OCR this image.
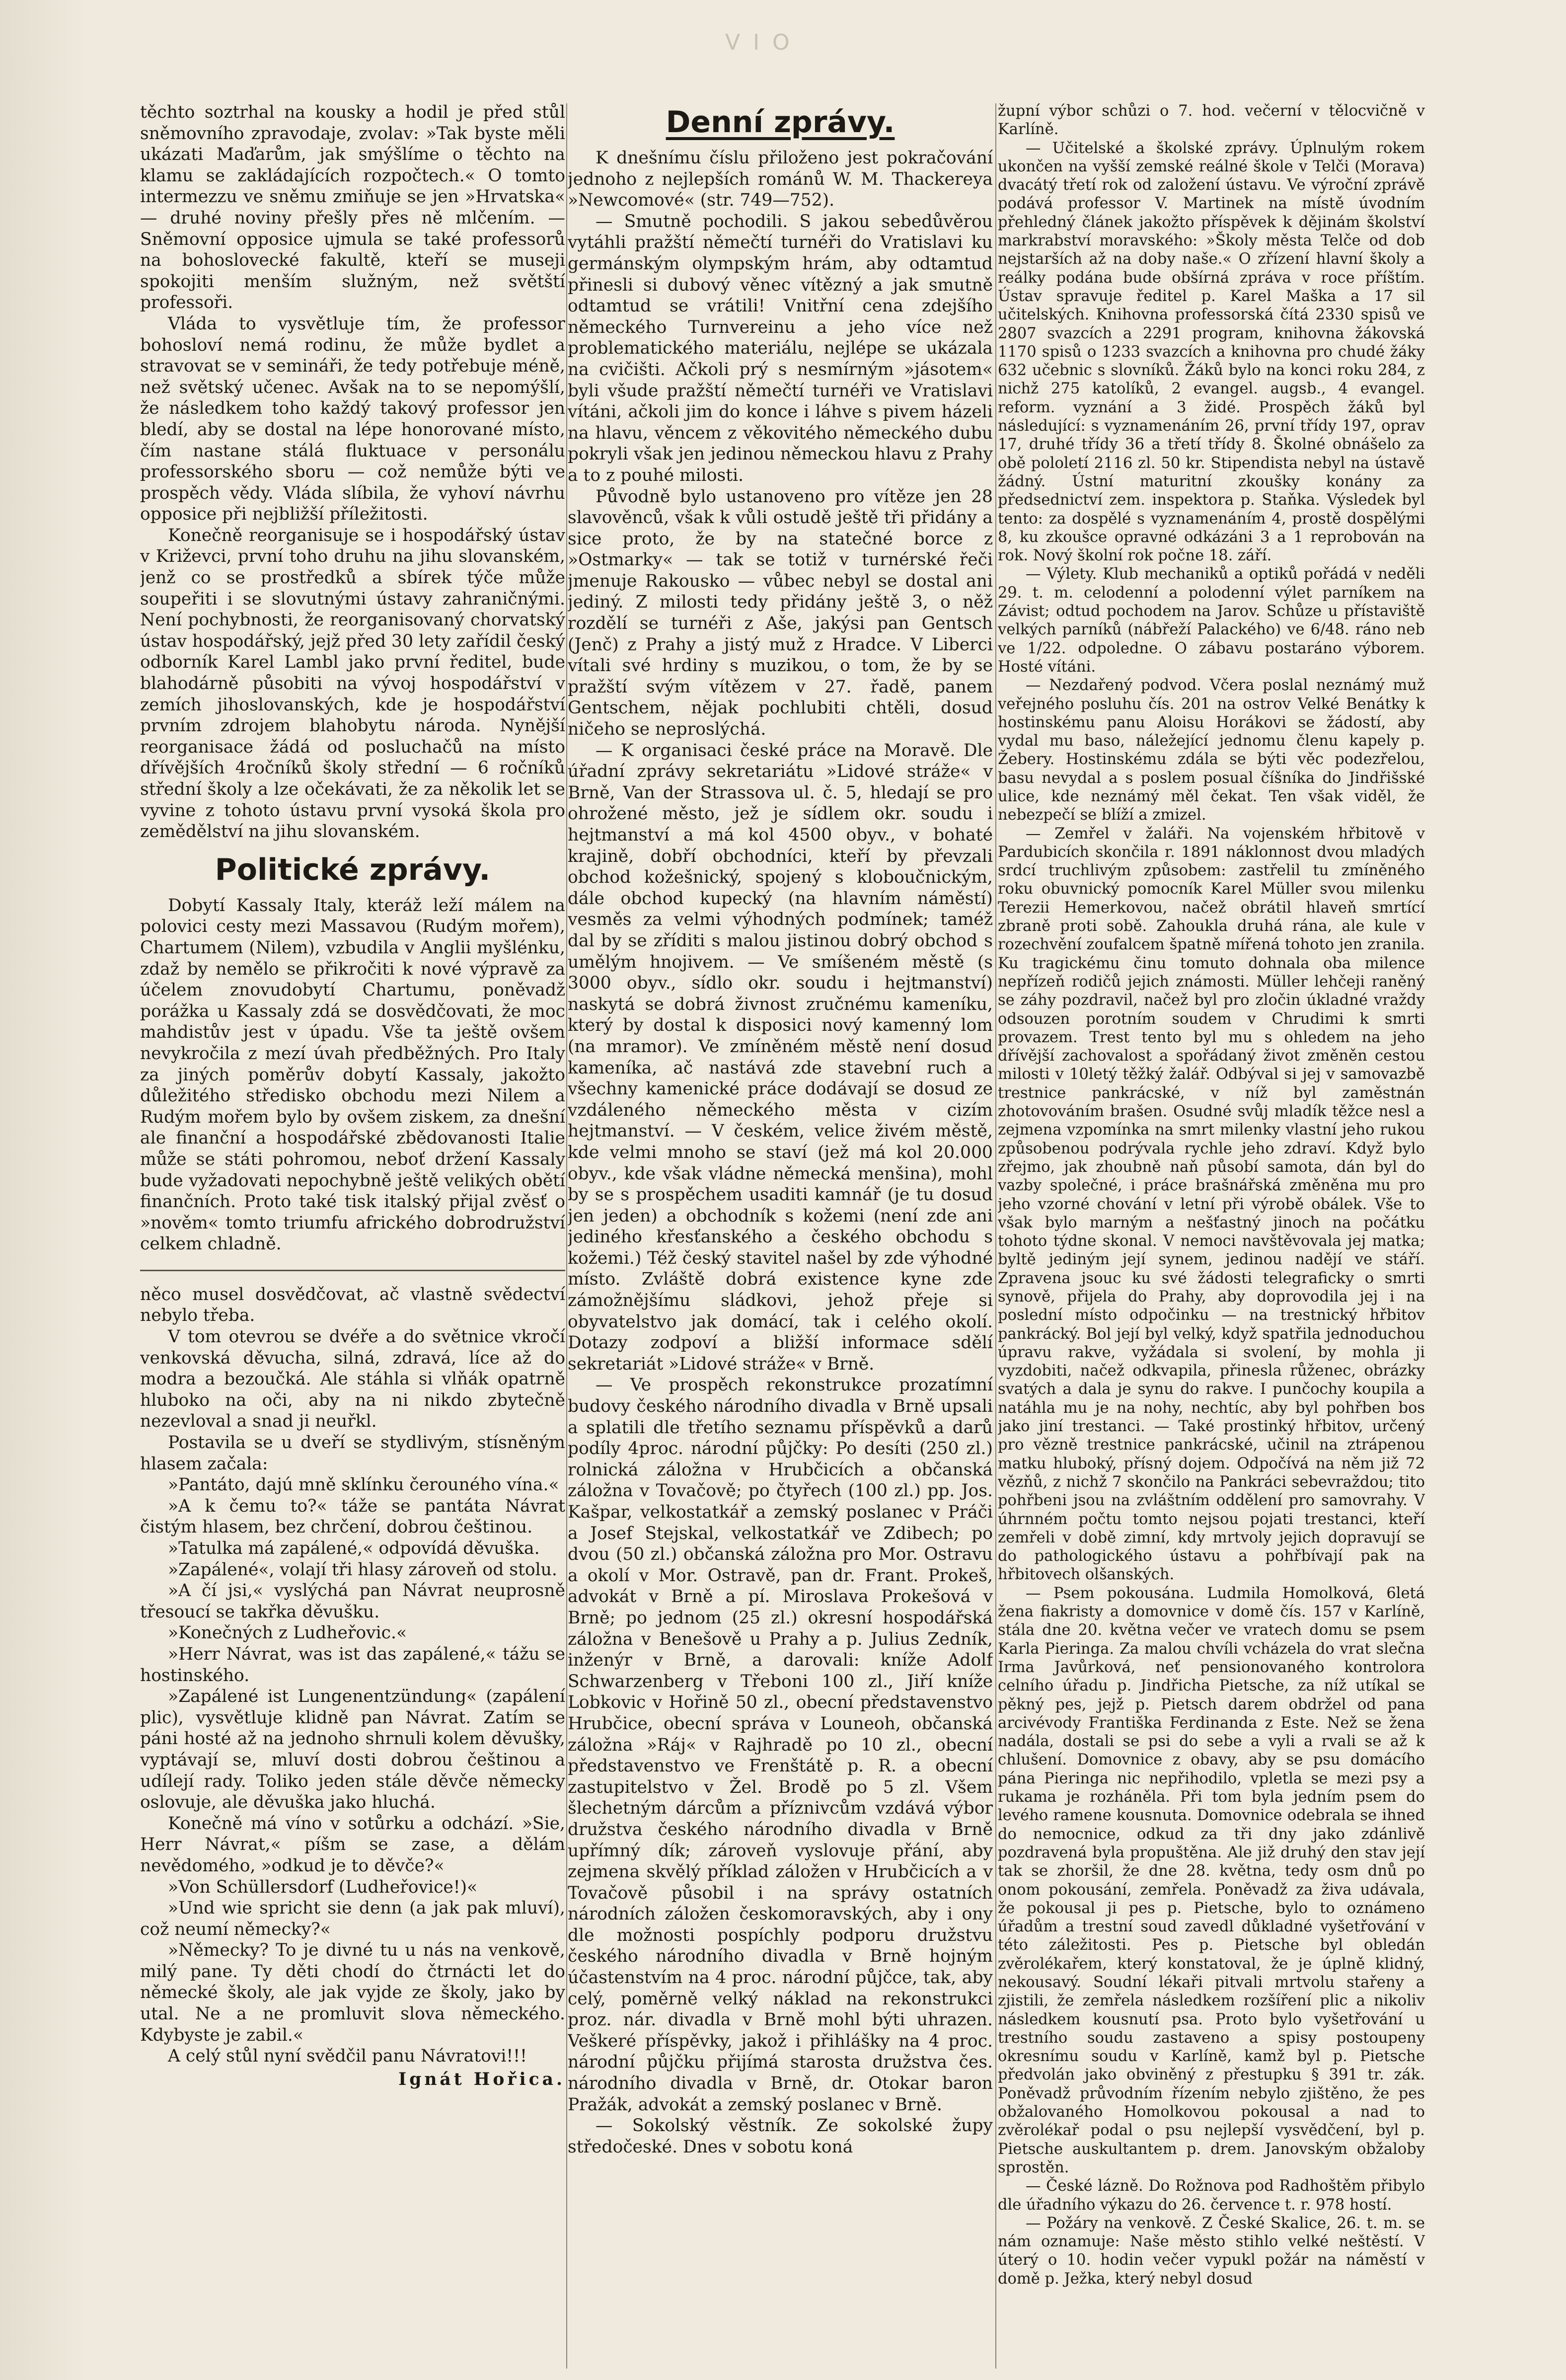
V I O

těchto soztrhal na kousky a hodil je před stůl sněmovního zpravodaje, zvolav: »Tak byste měli ukázati Maďarům, jak smýšlíme o těchto na klamu se zakládajících rozpočtech.« O tomto intermezzu ve sněmu zmiňuje se jen »Hrvatska« — druhé noviny přešly přes ně mlčením. — Sněmovní opposice ujmula se také professorů na bohoslovecké fakultě, kteří se museji spokojiti menším služným, než světští professoři.

Vláda to vysvětluje tím, že professor bohosloví nemá rodinu, že může bydlet a stravovat se v semináři, že tedy potřebuje méně, než světský učenec. Avšak na to se nepomýšlí, že následkem toho každý takový professor jen bledí, aby se dostal na lépe honorované místo, čím nastane stálá fluktuace v personálu professorského sboru — což nemůže býti ve prospěch vědy. Vláda slíbila, že vyhoví návrhu opposice při nejbližší příležitosti.

Konečně reorganisuje se i hospodářský ústav v Križevci, první toho druhu na jihu slovanském, jenž co se prostředků a sbírek týče může soupeřiti i se slovutnými ústavy zahraničnými. Není pochybnosti, že reorganisovaný chorvatský ústav hospodářský, jejž před 30 lety zařídil český odborník Karel Lambl jako první ředitel, bude blahodárně působiti na vývoj hospodářství v zemích jihoslovanských, kde je hospodářství prvním zdrojem blahobytu národa. Nynější reorganisace žádá od posluchačů na místo dřívějších 4ročníků školy střední — 6 ročníků střední školy a lze očekávati, že za několik let se vyvine z tohoto ústavu první vysoká škola pro zemědělství na jihu slovanském.

Politické zprávy.

Dobytí Kassaly Italy, kteráž leží málem na polovici cesty mezi Massavou (Rudým mořem), Chartumem (Nilem), vzbudila v Anglii myšlénku, zdaž by nemělo se přikročiti k nové výpravě za účelem znovudobytí Chartumu, poněvadž porážka u Kassaly zdá se dosvědčovati, že moc mahdistův jest v úpadu. Vše ta ještě ovšem nevykročila z mezí úvah předběžných. Pro Italy za jiných poměrův dobytí Kassaly, jakožto důležitého středisko obchodu mezi Nilem a Rudým mořem bylo by ovšem ziskem, za dnešní ale finanční a hospodářské zbědovanosti Italie může se státi pohromou, neboť držení Kassaly bude vyžadovati nepochybně ještě velikých obětí finančních. Proto také tisk italský přijal zvěsť o »nověm« tomto triumfu afrického dobrodružství celkem chladně.

něco musel dosvědčovat, ač vlastně svědectví nebylo třeba.

V tom otevrou se dvéře a do světnice vkročí venkovská děvucha, silná, zdravá, líce až do modra a bezoučká. Ale stáhla si vlňák opatrně hluboko na oči, aby na ni nikdo zbytečně nezevloval a snad ji neuřkl.

Postavila se u dveří se stydlivým, stísněným hlasem začala:

»Pantáto, dajú mně sklínku čerouného vína.«

»A k čemu to?« táže se pantáta Návrat čistým hlasem, bez chrčení, dobrou češtinou.

»Tatulka má zapálené,« odpovídá děvuška.

»Zapálené«, volají tři hlasy zároveň od stolu.

»A čí jsi,« vyslýchá pan Návrat neuprosně třesoucí se takřka děvušku.

»Konečných z Ludheřovic.«

»Herr Návrat, was ist das zapálené,« tážu se hostinského.

»Zapálené ist Lungenentzündung« (zapálení plic), vysvětluje klidně pan Návrat. Zatím se páni hosté až na jednoho shrnuli kolem děvušky, vyptávají se, mluví dosti dobrou češtinou a udílejí rady. Toliko jeden stále děvče německy oslovuje, ale děvuška jako hluchá.

Konečně má víno v sotůrku a odchází. »Sie, Herr Návrat,« píšm se zase, a dělám nevědomého, »odkud je to děvče?«

»Von Schüllersdorf (Ludheřovice!)«

»Und wie spricht sie denn (a jak pak mluví), což neumí německy?«

»Německy? To je divné tu u nás na venkově, milý pane. Ty děti chodí do čtrnácti let do německé školy, ale jak vyjde ze školy, jako by utal. Ne a ne promluvit slova německého. Kdybyste je zabil.«

A celý stůl nyní svědčil panu Návratovi!!!

Ignát Hořica.
Denní zprávy.

K dnešnímu číslu přiloženo jest pokračování jednoho z nejlepších románů W. M. Thackereya »Newcomové« (str. 749—752).

— Smutně pochodili. S jakou sebedůvěrou vytáhli pražští němečtí turnéři do Vratislavi ku germánským olympským hrám, aby odtamtud přinesli si dubový věnec vítězný a jak smutně odtamtud se vrátili! Vnitřní cena zdejšího německého Turnvereinu a jeho více než problematického materiálu, nejlépe se ukázala na cvičišti. Ačkoli prý s nesmírným »jásotem« byli všude pražští němečtí turnéři ve Vratislavi vítáni, ačkoli jim do konce i láhve s pivem házeli na hlavu, věncem z věkovitého německého dubu pokryli však jen jedinou německou hlavu z Prahy a to z pouhé milosti.

Původně bylo ustanoveno pro vítěze jen 28 slavověnců, však k vůli ostudě ještě tři přidány a sice proto, že by na statečné borce z »Ostmarky« — tak se totiž v turnérské řeči jmenuje Rakousko — vůbec nebyl se dostal ani jediný. Z milosti tedy přidány ještě 3, o něž rozdělí se turnéři z Aše, jakýsi pan Gentsch (Jenč) z Prahy a jistý muž z Hradce. V Liberci vítali své hrdiny s muzikou, o tom, že by se pražští svým vítězem v 27. řadě, panem Gentschem, nějak pochlubiti chtěli, dosud ničeho se neproslýchá.

— K organisaci české práce na Moravě. Dle úřadní zprávy sekretariátu »Lidové stráže« v Brně, Van der Strassova ul. č. 5, hledají se pro ohrožené město, jež je sídlem okr. soudu i hejtmanství a má kol 4500 obyv., v bohaté krajině, dobří obchodníci, kteří by převzali obchod kožešnický, spojený s kloboučnickým, dále obchod kupecký (na hlavním náměstí) vesměs za velmi výhodných podmínek; taméž dal by se zříditi s malou jistinou dobrý obchod s umělým hnojivem. — Ve smíšeném městě (s 3000 obyv., sídlo okr. soudu i hejtmanství) naskytá se dobrá živnost zručnému kameníku, který by dostal k disposici nový kamenný lom (na mramor). Ve zmíněném městě není dosud kameníka, ač nastává zde stavební ruch a všechny kamenické práce dodávají se dosud ze vzdáleného německého města v cizím hejtmanství. — V českém, velice živém městě, kde velmi mnoho se staví (jež má kol 20.000 obyv., kde však vládne německá menšina), mohl by se s prospěchem usaditi kamnář (je tu dosud jen jeden) a obchodník s kožemi (není zde ani jediného křesťanského a českého obchodu s kožemi.) Též český stavitel našel by zde výhodné místo. Zvláště dobrá existence kyne zde zámožnějšímu sládkovi, jehož přeje si obyvatelstvo jak domácí, tak i celého okolí. Dotazy zodpoví a bližší informace sdělí sekretariát »Lidové stráže« v Brně.

— Ve prospěch rekonstrukce prozatímní budovy českého národního divadla v Brně upsali a splatili dle třetího seznamu příspěvků a darů podíly 4proc. národní půjčky: Po desíti (250 zl.) rolnická záložna v Hrubčicích a občanská záložna v Tovačově; po čtyřech (100 zl.) pp. Jos. Kašpar, velkostatkář a zemský poslanec v Práči a Josef Stejskal, velkostatkář ve Zdibech; po dvou (50 zl.) občanská záložna pro Mor. Ostravu a okolí v Mor. Ostravě, pan dr. Frant. Prokeš, advokát v Brně a pí. Miroslava Prokešová v Brně; po jednom (25 zl.) okresní hospodářská záložna v Benešově u Prahy a p. Julius Zedník, inženýr v Brně, a darovali: kníže Adolf Schwarzenberg v Třeboni 100 zl., Jiří kníže Lobkovic v Hořině 50 zl., obecní představenstvo Hrubčice, obecní správa v Louneoh, občanská záložna »Ráj« v Rajhradě po 10 zl., obecní představenstvo ve Frenštátě p. R. a obecní zastupitelstvo v Žel. Brodě po 5 zl. Všem šlechetným dárcům a příznivcům vzdává výbor družstva českého národního divadla v Brně upřímný dík; zároveň vyslovuje přání, aby zejmena skvělý příklad záložen v Hrubčicích a v Tovačově působil i na správy ostatních národních záložen českomoravských, aby i ony dle možnosti pospíchly podporu družstvu českého národního divadla v Brně hojným účastenstvím na 4 proc. národní půjčce, tak, aby celý, poměrně velký náklad na rekonstrukci proz. nár. divadla v Brně mohl býti uhrazen. Veškeré příspěvky, jakož i přihlášky na 4 proc. národní půjčku přijímá starosta družstva čes. národního divadla v Brně, dr. Otokar baron Pražák, advokát a zemský poslanec v Brně.

— Sokolský věstník. Ze sokolské župy středočeské. Dnes v sobotu koná

župní výbor schůzi o 7. hod. večerní v tělocvičně v Karlíně.

— Učitelské a školské zprávy. Úplnulým rokem ukončen na vyšší zemské reálné škole v Telči (Morava) dvacátý třetí rok od založení ústavu. Ve výroční zprávě podává professor V. Martinek na místě úvodním přehledný článek jakožto příspěvek k dějinám školství markrabství moravského: »Školy města Telče od dob nejstarších až na doby naše.« O zřízení hlavní školy a reálky podána bude obšírná zpráva v roce příštím. Ústav spravuje ředitel p. Karel Maška a 17 sil učitelských. Knihovna professorská čítá 2330 spisů ve 2807 svazcích a 2291 program, knihovna žákovská 1170 spisů o 1233 svazcích a knihovna pro chudé žáky 632 učebnic s slovníků. Žáků bylo na konci roku 284, z nichž 275 katolíků, 2 evangel. augsb., 4 evangel. reform. vyznání a 3 židé. Prospěch žáků byl následující: s vyznamenáním 26, první třídy 197, oprav 17, druhé třídy 36 a třetí třídy 8. Školné obnášelo za obě pololetí 2116 zl. 50 kr. Stipendista nebyl na ústavě žádný. Ústní maturitní zkoušky konány za předsednictví zem. inspektora p. Staňka. Výsledek byl tento: za dospělé s vyznamenáním 4, prostě dospělými 8, ku zkoušce opravné odkázáni 3 a 1 reprobován na rok. Nový školní rok počne 18. září.

— Výlety. Klub mechaniků a optiků pořádá v neděli 29. t. m. celodenní a polodenní výlet parníkem na Závist; odtud pochodem na Jarov. Schůze u přístaviště velkých parníků (nábřeží Palackého) ve 6/48. ráno neb ve 1/22. odpoledne. O zábavu postaráno výborem. Hosté vítáni.

— Nezdařený podvod. Včera poslal neznámý muž veřejného posluhu čís. 201 na ostrov Velké Benátky k hostinskému panu Aloisu Horákovi se žádostí, aby vydal mu baso, náležející jednomu členu kapely p. Žebery. Hostinskému zdála se býti věc podezřelou, basu nevydal a s poslem posual číšníka do Jindřišské ulice, kde neznámý měl čekat. Ten však viděl, že nebezpečí se blíží a zmizel.

— Zemřel v žaláři. Na vojenském hřbitově v Pardubicích skončila r. 1891 náklonnost dvou mladých srdcí truchlivým způsobem: zastřelil tu zmíněného roku obuvnický pomocník Karel Müller svou milenku Terezii Hemerkovou, načež obrátil hlaveň smrtící zbraně proti sobě. Zahoukla druhá rána, ale kule v rozechvění zoufalcem špatně mířená tohoto jen zranila. Ku tragickému činu tomuto dohnala oba milence nepřízeň rodičů jejich známosti. Müller lehčeji raněný se záhy pozdravil, načež byl pro zločin úkladné vraždy odsouzen porotním soudem v Chrudimi k smrti provazem. Trest tento byl mu s ohledem na jeho dřívější zachovalost a spořádaný život změněn cestou milosti v 10letý těžký žalář. Odbýval si jej v samovazbě trestnice pankrácské, v níž byl zaměstnán zhotovováním brašen. Osudné svůj mladík těžce nesl a zejmena vzpomínka na smrt milenky vlastní jeho rukou způsobenou podrývala rychle jeho zdraví. Když bylo zřejmo, jak zhoubně naň působí samota, dán byl do vazby společné, i práce brašnářská změněna mu pro jeho vzorné chování v letní při výrobě obálek. Vše to však bylo marným a nešťastný jinoch na počátku tohoto týdne skonal. V nemoci navštěvovala jej matka; byltě jediným její synem, jedinou nadějí ve stáří. Zpravena jsouc ku své žádosti telegraficky o smrti synově, přijela do Prahy, aby doprovodila jej i na poslední místo odpočinku — na trestnický hřbitov pankrácký. Bol její byl velký, když spatřila jednoduchou úpravu rakve, vyžádala si svolení, by mohla ji vyzdobiti, načež odkvapila, přinesla růženec, obrázky svatých a dala je synu do rakve. I punčochy koupila a natáhla mu je na nohy, nechtíc, aby byl pohřben bos jako jiní trestanci. — Také prostinký hřbitov, určený pro vězně trestnice pankrácské, učinil na ztrápenou matku hluboký, přísný dojem. Odpočívá na něm již 72 vězňů, z nichž 7 skončilo na Pankráci sebevraždou; tito pohřbeni jsou na zvláštním oddělení pro samovrahy. V úhrnném počtu tomto nejsou pojati trestanci, kteří zemřeli v době zimní, kdy mrtvoly jejich dopravují se do pathologického ústavu a pohřbívají pak na hřbitovech olšanských.

— Psem pokousána. Ludmila Homolková, 6letá žena fiakristy a domovnice v domě čís. 157 v Karlíně, stála dne 20. května večer ve vratech domu se psem Karla Pieringa. Za malou chvíli vcházela do vrat slečna Irma Javůrková, neť pensionovaného kontrolora celního úřadu p. Jindřicha Pietsche, za níž utíkal se pěkný pes, jejž p. Pietsch darem obdržel od pana arcivévody Františka Ferdinanda z Este. Než se žena nadála, dostali se psi do sebe a vyli a rvali se až k chlušení. Domovnice z obavy, aby se psu domácího pána Pieringa nic nepřihodilo, vpletla se mezi psy a rukama je rozháněla. Při tom byla jedním psem do levého ramene kousnuta. Domovnice odebrala se ihned do nemocnice, odkud za tři dny jako zdánlivě pozdravená byla propuštěna. Ale již druhý den stav její tak se zhoršil, že dne 28. května, tedy osm dnů po onom pokousání, zemřela. Poněvadž za živa udávala, že pokousal ji pes p. Pietsche, bylo to oznámeno úřadům a trestní soud zavedl důkladné vyšetřování v této záležitosti. Pes p. Pietsche byl obledán zvěrolékařem, který konstatoval, že je úplně klidný, nekousavý. Soudní lékaři pitvali mrtvolu stařeny a zjistili, že zemřela následkem rozšíření plic a nikoliv následkem kousnutí psa. Proto bylo vyšetřování u trestního soudu zastaveno a spisy postoupeny okresnímu soudu v Karlíně, kamž byl p. Pietsche předvolán jako obviněný z přestupku § 391 tr. zák. Poněvadž průvodním řízením nebylo zjištěno, že pes obžalovaného Homolkovou pokousal a nad to zvěrolékař podal o psu nejlepší vysvědčení, byl p. Pietsche auskultantem p. drem. Janovským obžaloby sprostěn.

— České lázně. Do Rožnova pod Radhoštěm přibylo dle úřadního výkazu do 26. července t. r. 978 hostí.

— Požáry na venkově. Z České Skalice, 26. t. m. se nám oznamuje: Naše město stihlo velké neštěstí. V úterý o 10. hodin večer vypukl požár na náměstí v domě p. Ježka, který nebyl dosud
